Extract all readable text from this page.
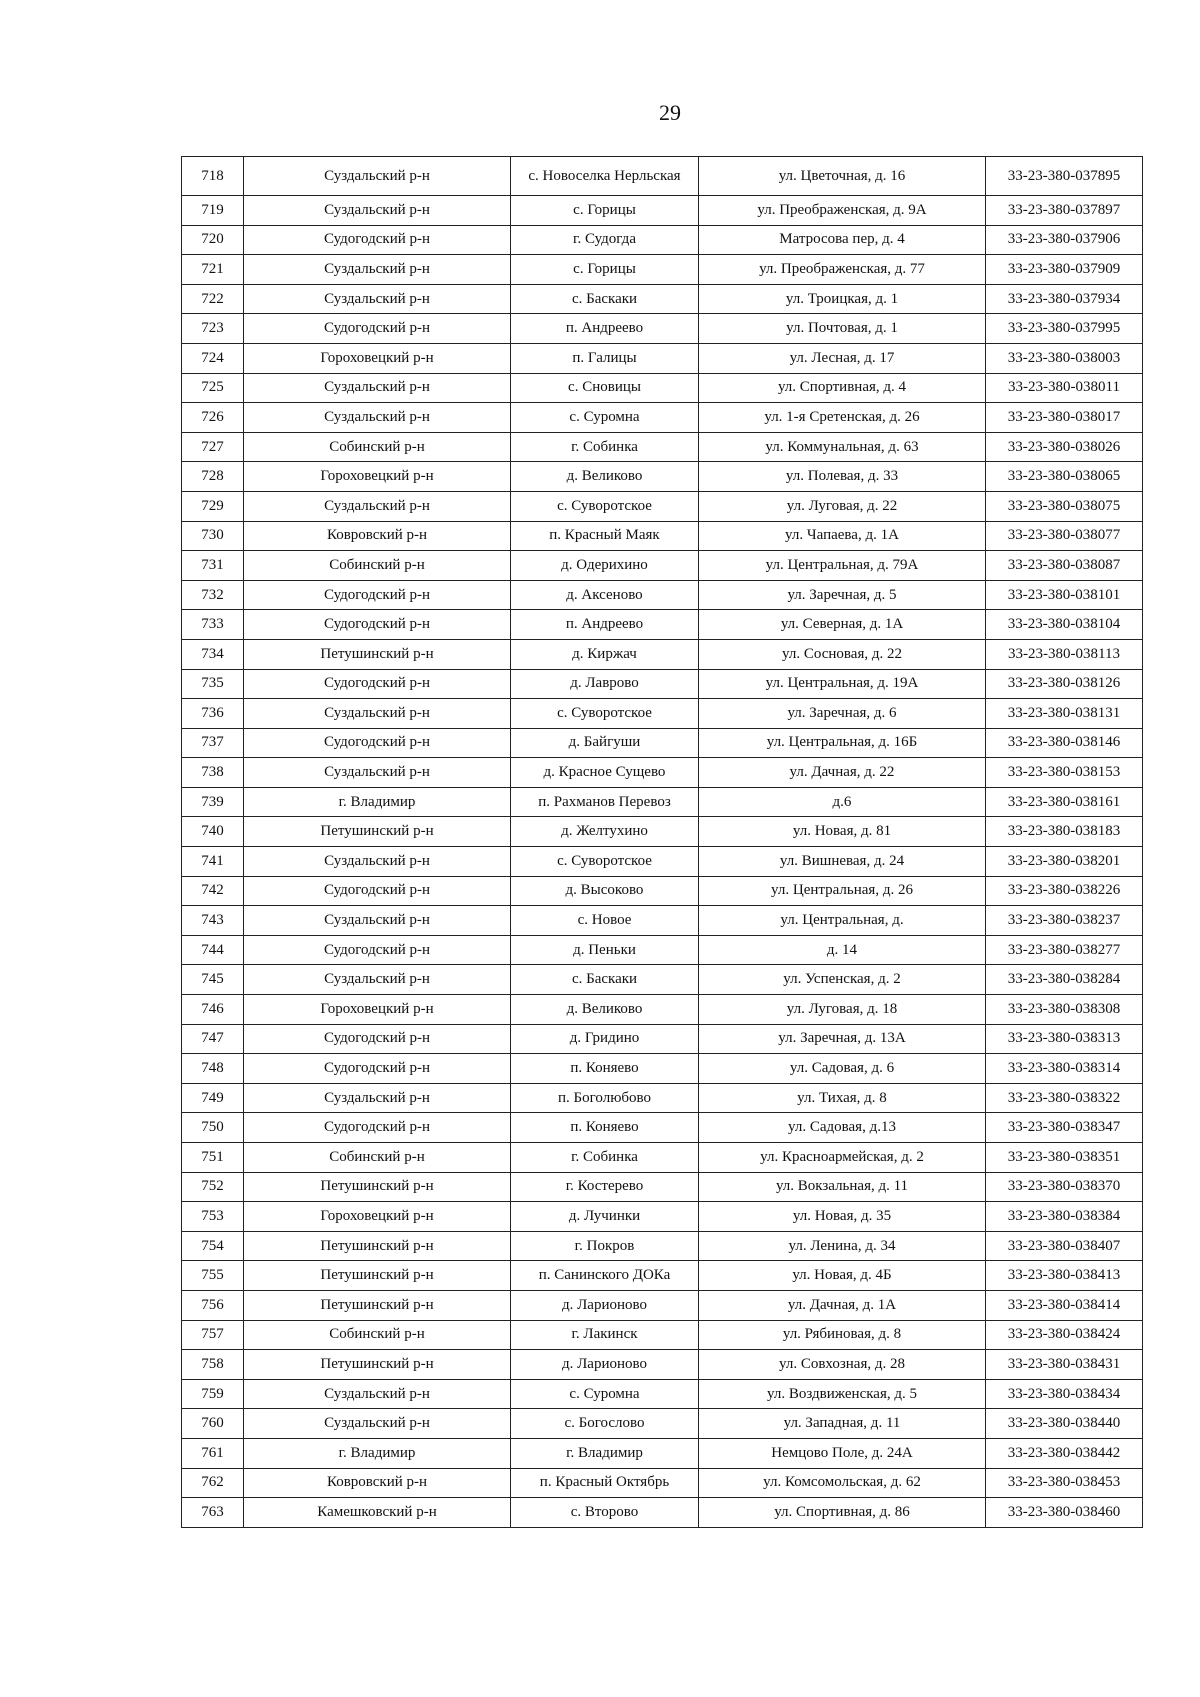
29
718	Суздальский р-н	с. Новоселка Нерльская	ул. Цветочная, д. 16	33-23-380-037895
719	Суздальский р-н	с. Горицы	ул. Преображенская, д. 9А	33-23-380-037897
720	Судогодский р-н	г. Судогда	Матросова пер, д. 4	33-23-380-037906
721	Суздальский р-н	с. Горицы	ул. Преображенская, д. 77	33-23-380-037909
722	Суздальский р-н	с. Баскаки	ул. Троицкая, д. 1	33-23-380-037934
723	Судогодский р-н	п. Андреево	ул. Почтовая, д. 1	33-23-380-037995
724	Гороховецкий р-н	п. Галицы	ул. Лесная, д. 17	33-23-380-038003
725	Суздальский р-н	с. Сновицы	ул. Спортивная, д. 4	33-23-380-038011
726	Суздальский р-н	с. Суромна	ул. 1-я Сретенская, д. 26	33-23-380-038017
727	Собинский р-н	г. Собинка	ул. Коммунальная, д. 63	33-23-380-038026
728	Гороховецкий р-н	д. Великово	ул. Полевая, д. 33	33-23-380-038065
729	Суздальский р-н	с. Суворотское	ул. Луговая, д. 22	33-23-380-038075
730	Ковровский р-н	п. Красный Маяк	ул. Чапаева, д. 1А	33-23-380-038077
731	Собинский р-н	д. Одерихино	ул. Центральная, д. 79А	33-23-380-038087
732	Судогодский р-н	д. Аксеново	ул. Заречная, д. 5	33-23-380-038101
733	Судогодский р-н	п. Андреево	ул. Северная, д. 1А	33-23-380-038104
734	Петушинский р-н	д. Киржач	ул. Сосновая, д. 22	33-23-380-038113
735	Судогодский р-н	д. Лаврово	ул. Центральная, д. 19А	33-23-380-038126
736	Суздальский р-н	с. Суворотское	ул. Заречная, д. 6	33-23-380-038131
737	Судогодский р-н	д. Байгуши	ул. Центральная, д. 16Б	33-23-380-038146
738	Суздальский р-н	д. Красное Сущево	ул. Дачная, д. 22	33-23-380-038153
739	г. Владимир	п. Рахманов Перевоз	д.6	33-23-380-038161
740	Петушинский р-н	д. Желтухино	ул. Новая, д. 81	33-23-380-038183
741	Суздальский р-н	с. Суворотское	ул. Вишневая, д. 24	33-23-380-038201
742	Судогодский р-н	д. Высоково	ул. Центральная, д. 26	33-23-380-038226
743	Суздальский р-н	с. Новое	ул. Центральная, д.	33-23-380-038237
744	Судогодский р-н	д. Пеньки	д. 14	33-23-380-038277
745	Суздальский р-н	с. Баскаки	ул. Успенская, д. 2	33-23-380-038284
746	Гороховецкий р-н	д. Великово	ул. Луговая, д. 18	33-23-380-038308
747	Судогодский р-н	д. Гридино	ул. Заречная, д. 13А	33-23-380-038313
748	Судогодский р-н	п. Коняево	ул. Садовая, д. 6	33-23-380-038314
749	Суздальский р-н	п. Боголюбово	ул. Тихая, д. 8	33-23-380-038322
750	Судогодский р-н	п. Коняево	ул. Садовая, д.13	33-23-380-038347
751	Собинский р-н	г. Собинка	ул. Красноармейская, д. 2	33-23-380-038351
752	Петушинский р-н	г. Костерево	ул. Вокзальная, д. 11	33-23-380-038370
753	Гороховецкий р-н	д. Лучинки	ул. Новая, д. 35	33-23-380-038384
754	Петушинский р-н	г. Покров	ул. Ленина, д. 34	33-23-380-038407
755	Петушинский р-н	п. Санинского ДОКа	ул. Новая, д. 4Б	33-23-380-038413
756	Петушинский р-н	д. Ларионово	ул. Дачная, д. 1А	33-23-380-038414
757	Собинский р-н	г. Лакинск	ул. Рябиновая, д. 8	33-23-380-038424
758	Петушинский р-н	д. Ларионово	ул. Совхозная, д. 28	33-23-380-038431
759	Суздальский р-н	с. Суромна	ул. Воздвиженская, д. 5	33-23-380-038434
760	Суздальский р-н	с. Богослово	ул. Западная, д. 11	33-23-380-038440
761	г. Владимир	г. Владимир	Немцово Поле, д. 24А	33-23-380-038442
762	Ковровский р-н	п. Красный Октябрь	ул. Комсомольская, д. 62	33-23-380-038453
763	Камешковский р-н	с. Второво	ул. Спортивная, д. 86	33-23-380-038460
